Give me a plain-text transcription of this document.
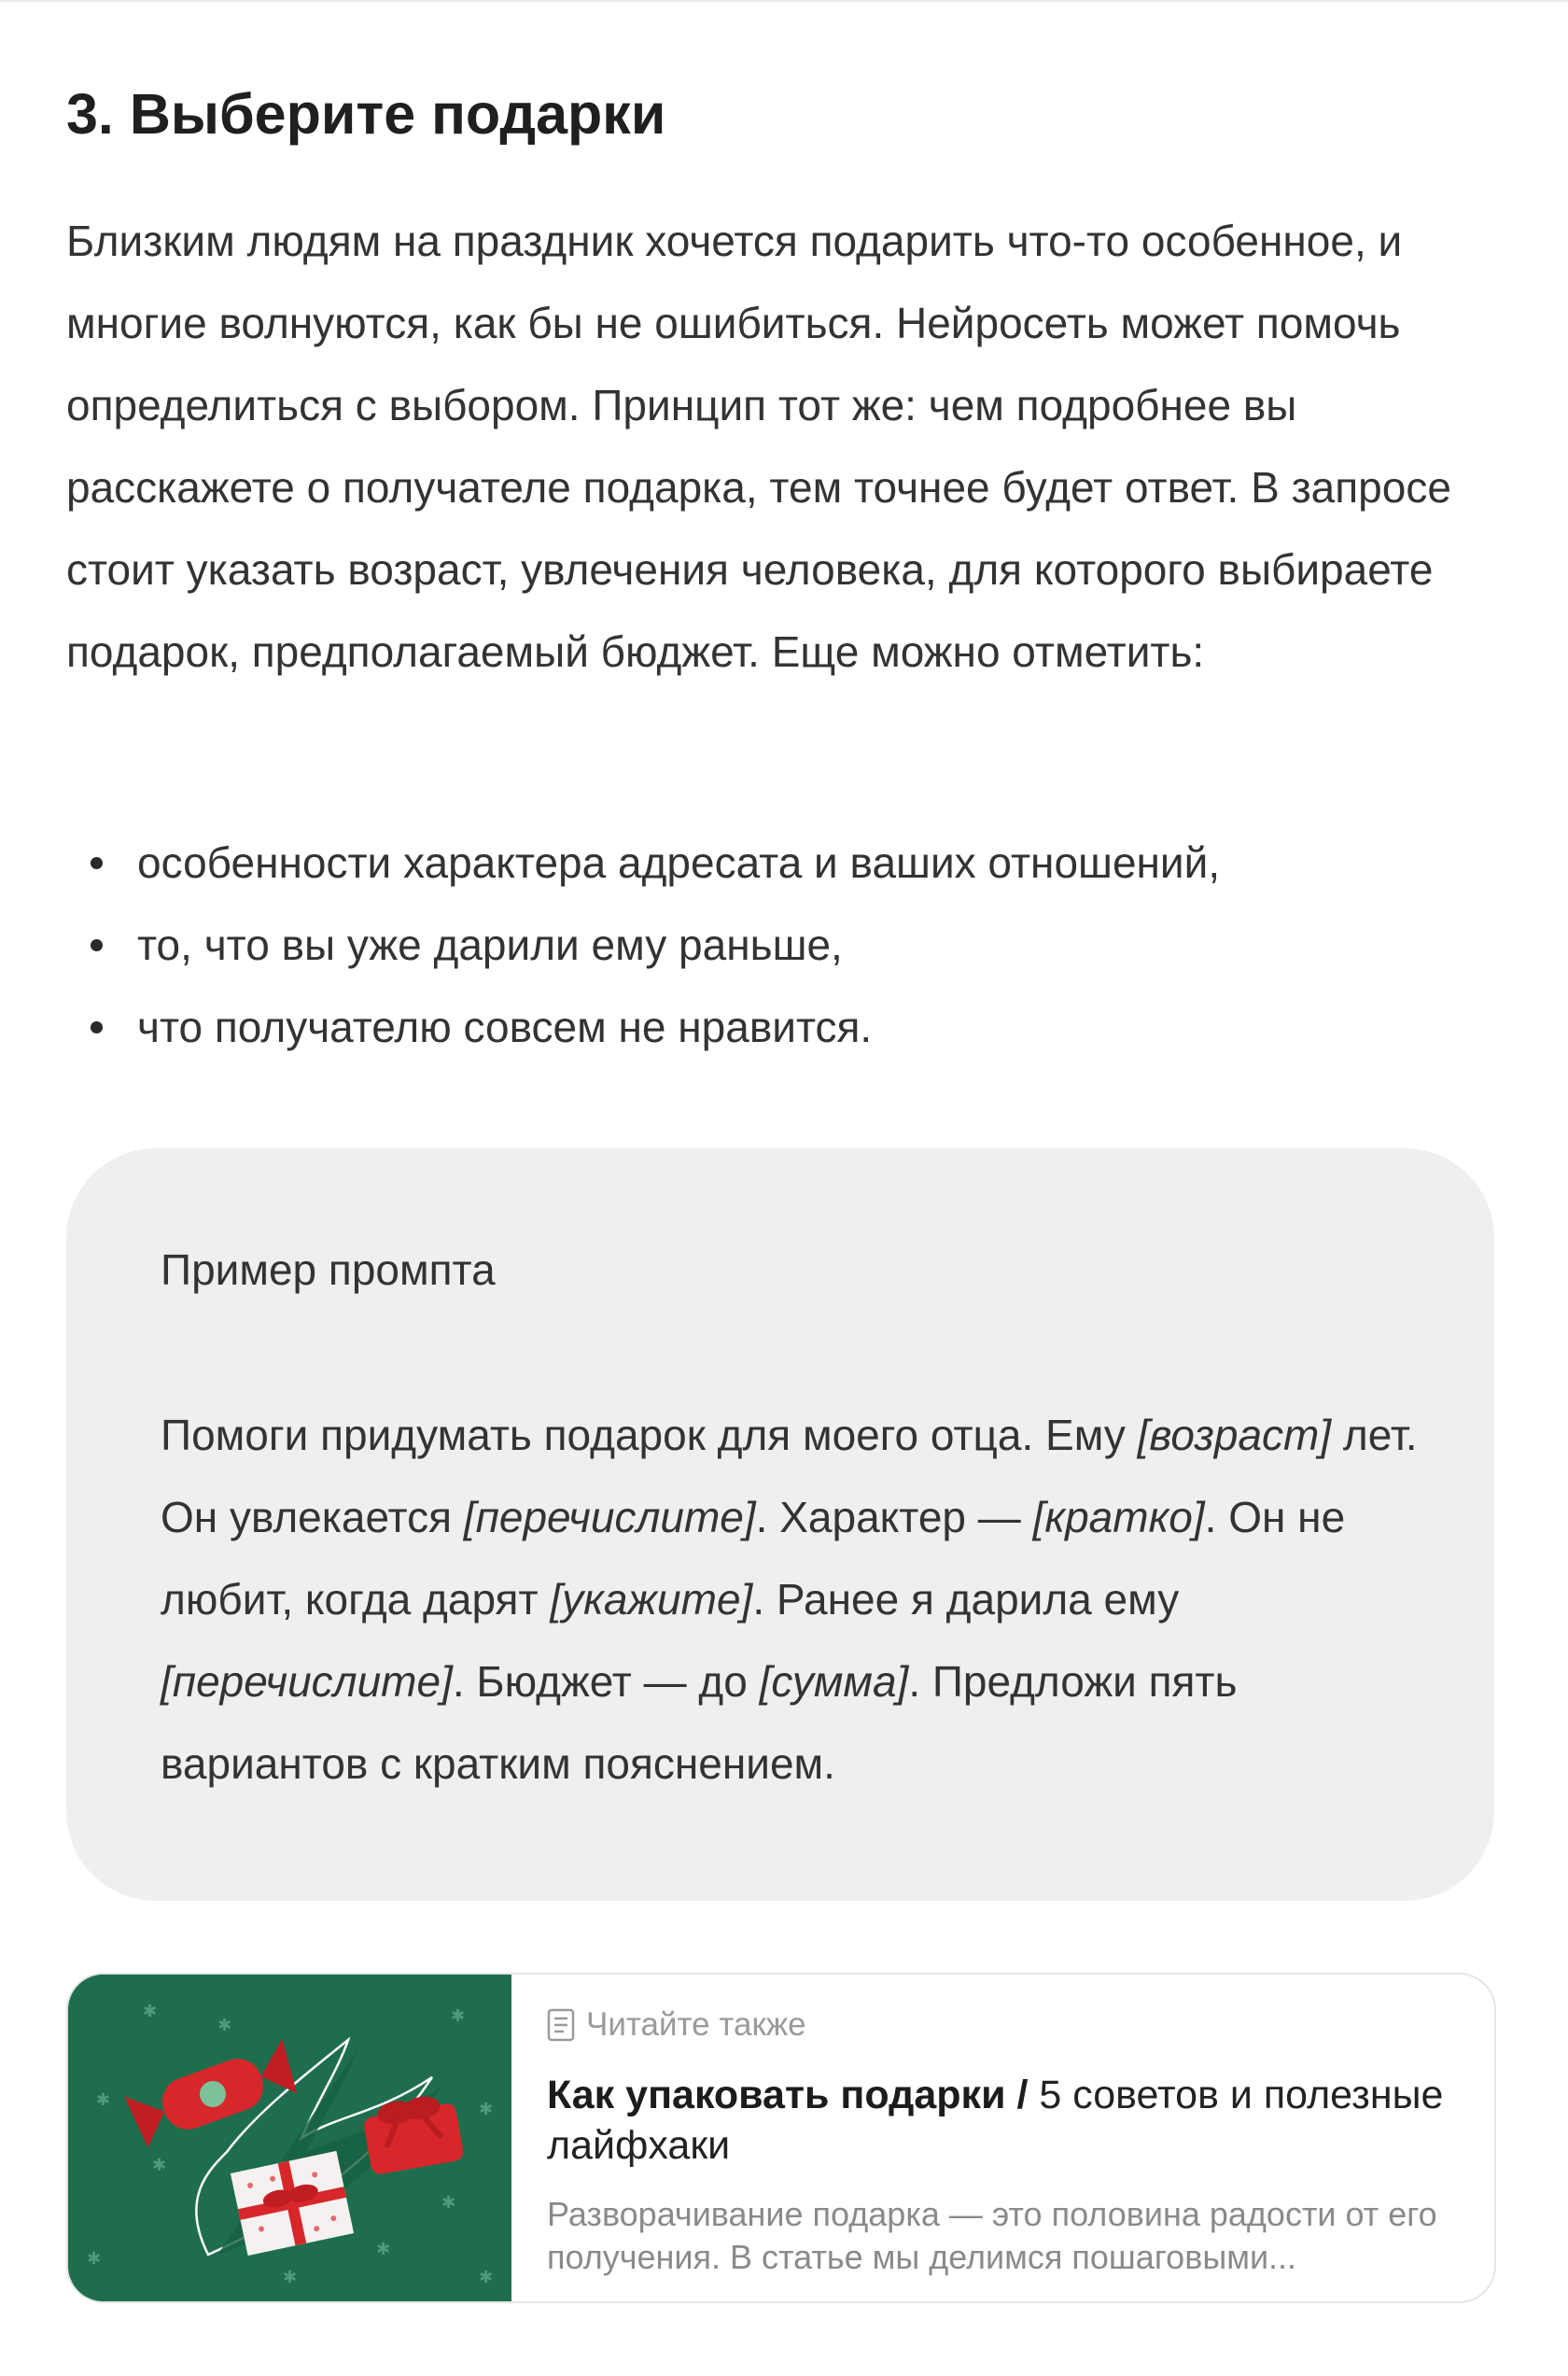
3. Выберите подарки

Близким людям на праздник хочется подарить что-то особенное, и многие волнуются, как бы не ошибиться. Нейросеть может помочь определиться с выбором. Принцип тот же: чем подробнее вы расскажете о получателе подарка, тем точнее будет ответ. В запросе стоит указать возраст, увлечения человека, для которого выбираете подарок, предполагаемый бюджет. Еще можно отметить:

особенности характера адресата и ваших отношений,
то, что вы уже дарили ему раньше,
что получателю совсем не нравится.
Пример промпта

Помоги придумать подарок для моего отца. Ему [возраст] лет. Он увлекается [перечислите]. Характер — [кратко]. Он не любит, когда дарят [укажите]. Ранее я дарила ему [перечислите]. Бюджет — до [сумма]. Предложи пять вариантов с кратким пояснением.

✱
✱	✱
✱	✱
✱
✱
✱	✱
✱
✱
Читайте также
Как упаковать подарки / 5 советов и полезные лайфхаки
Разворачивание подарка — это половина радости от его получения. В статье мы делимся пошаговыми...
